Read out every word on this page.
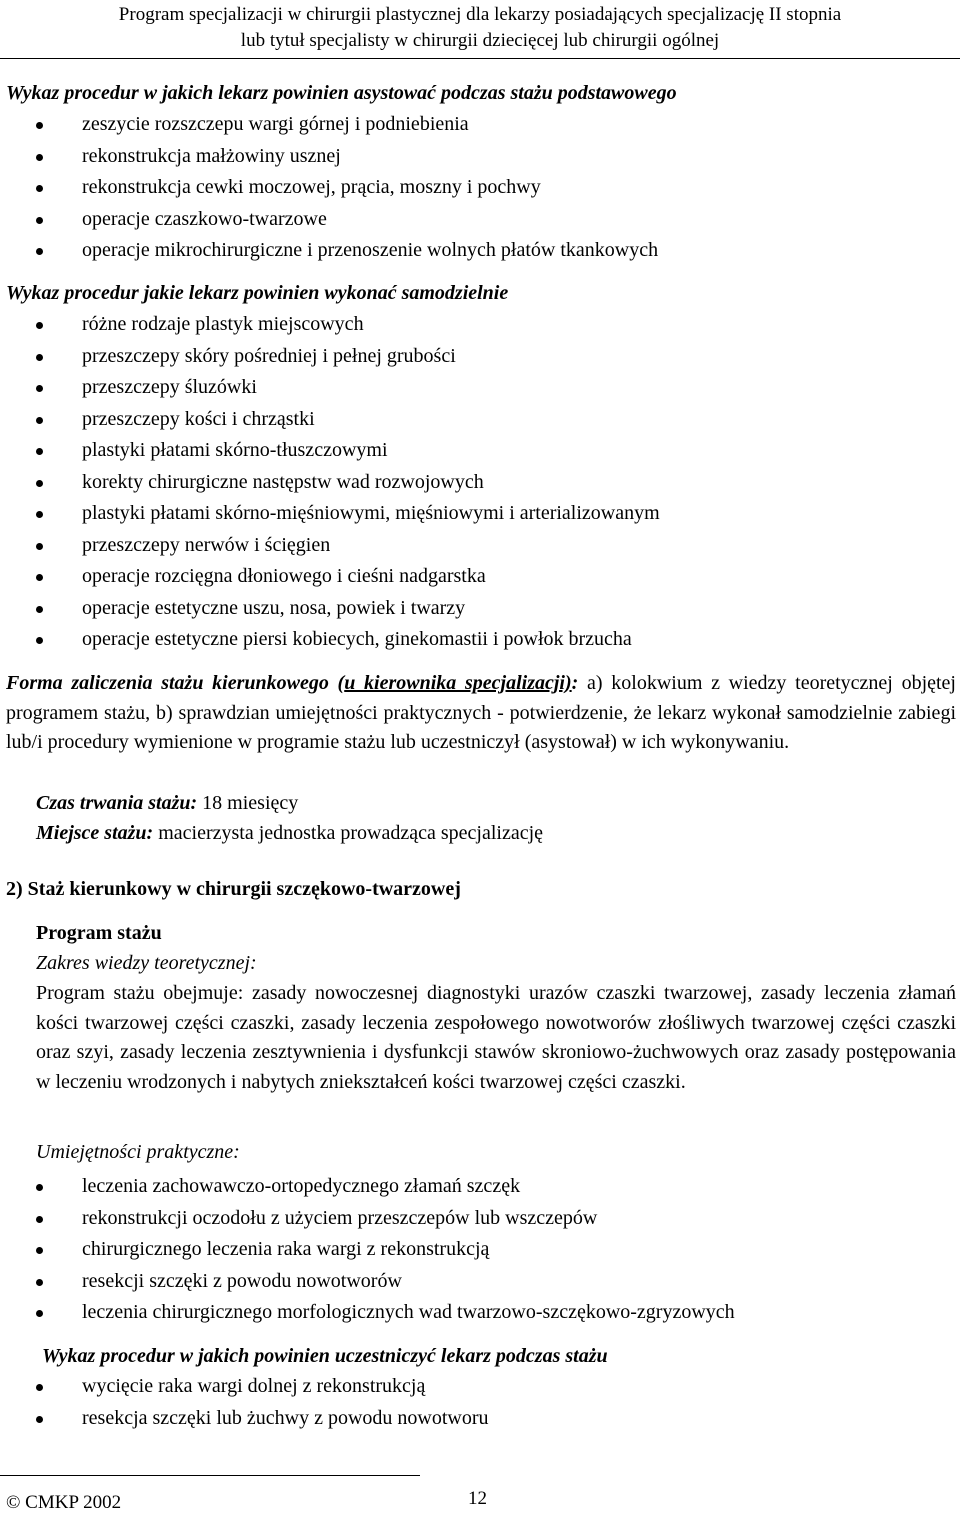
Program specjalizacji w chirurgii plastycznej dla lekarzy posiadających specjalizację II stopnia
lub tytuł specjalisty w chirurgii dziecięcej lub chirurgii ogólnej
Wykaz procedur w jakich lekarz powinien asystować podczas stażu podstawowego
zeszycie rozszczepu wargi górnej i podniebienia
rekonstrukcja małżowiny usznej
rekonstrukcja cewki moczowej, prącia, moszny i pochwy
operacje czaszkowo-twarzowe
operacje mikrochirurgiczne i przenoszenie wolnych płatów tkankowych
Wykaz procedur jakie lekarz powinien wykonać samodzielnie
różne rodzaje plastyk miejscowych
przeszczepy skóry pośredniej i pełnej grubości
przeszczepy śluzówki
przeszczepy kości i chrząstki
plastyki płatami skórno-tłuszczowymi
korekty chirurgiczne następstw wad rozwojowych
plastyki płatami skórno-mięśniowymi, mięśniowymi i arterializowanym
przeszczepy nerwów i ścięgien
operacje rozcięgna dłoniowego i cieśni nadgarstka
operacje estetyczne uszu, nosa, powiek i twarzy
operacje estetyczne piersi kobiecych, ginekomastii i powłok brzucha
Forma zaliczenia stażu kierunkowego (u kierownika specjalizacji): a) kolokwium z wiedzy teoretycznej objętej programem stażu, b) sprawdzian umiejętności praktycznych - potwierdzenie, że lekarz wykonał samodzielnie zabiegi lub/i procedury wymienione w programie stażu lub uczestniczył (asystował) w ich wykonywaniu.
Czas trwania stażu: 18 miesięcy
Miejsce stażu: macierzysta jednostka prowadząca specjalizację
2) Staż kierunkowy w chirurgii szczękowo-twarzowej
Program stażu
Zakres wiedzy teoretycznej:
Program stażu obejmuje: zasady nowoczesnej diagnostyki urazów czaszki twarzowej, zasady leczenia złamań kości twarzowej części czaszki, zasady leczenia zespołowego nowotworów złośliwych twarzowej części czaszki oraz szyi, zasady leczenia zesztywnienia i dysfunkcji stawów skroniowo-żuchwowych oraz zasady postępowania w leczeniu wrodzonych i nabytych zniekształceń kości twarzowej części czaszki.
Umiejętności praktyczne:
leczenia zachowawczo-ortopedycznego złamań szczęk
rekonstrukcji oczodołu z użyciem przeszczepów lub wszczepów
chirurgicznego leczenia raka wargi z rekonstrukcją
resekcji szczęki z powodu nowotworów
leczenia chirurgicznego morfologicznych wad twarzowo-szczękowo-zgryzowych
Wykaz procedur w jakich powinien uczestniczyć lekarz podczas stażu
wycięcie raka wargi dolnej z rekonstrukcją
resekcja szczęki lub żuchwy z powodu nowotworu
© CMKP 2002	12
